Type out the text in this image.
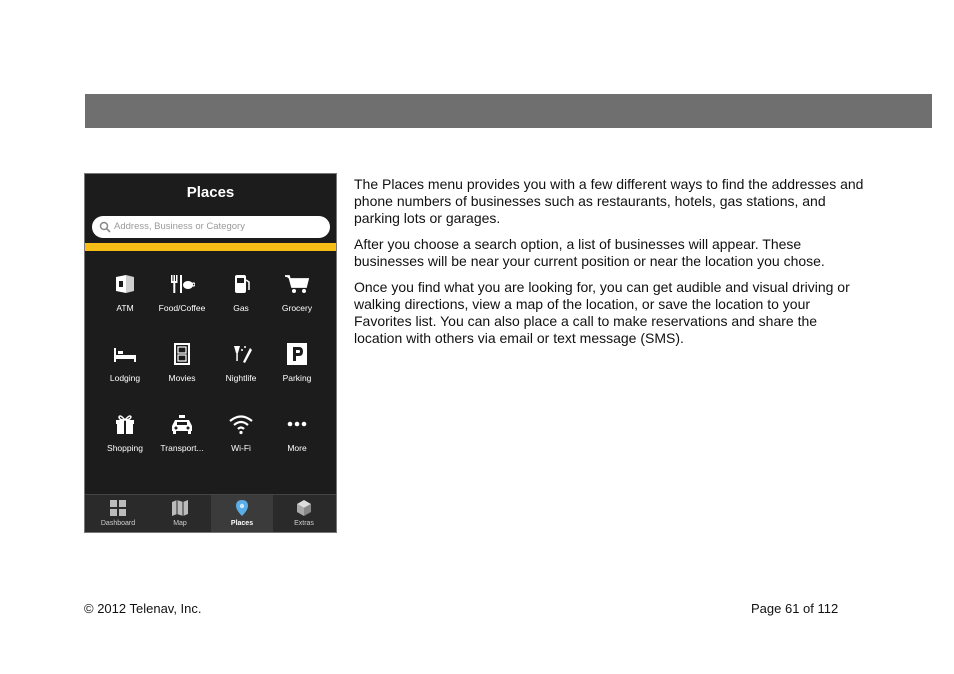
Places
Address, Business or Category
ATM	Food/Coffee	Gas	Grocery
Lodging	Movies	Nightlife	Parking
Shopping	Transport...	Wi-Fi	More
Dashboard	Map	Places	Extras

The Places menu provides you with a few different ways to find the addresses and phone numbers of businesses such as restaurants, hotels, gas stations, and parking lots or garages.

After you choose a search option, a list of businesses will appear. These businesses will be near your current position or near the location you chose.

Once you find what you are looking for, you can get audible and visual driving or walking directions, view a map of the location, or save the location to your Favorites list. You can also place a call to make reservations and share the location with others via email or text message (SMS).

© 2012 Telenav, Inc.	Page 61 of 112
